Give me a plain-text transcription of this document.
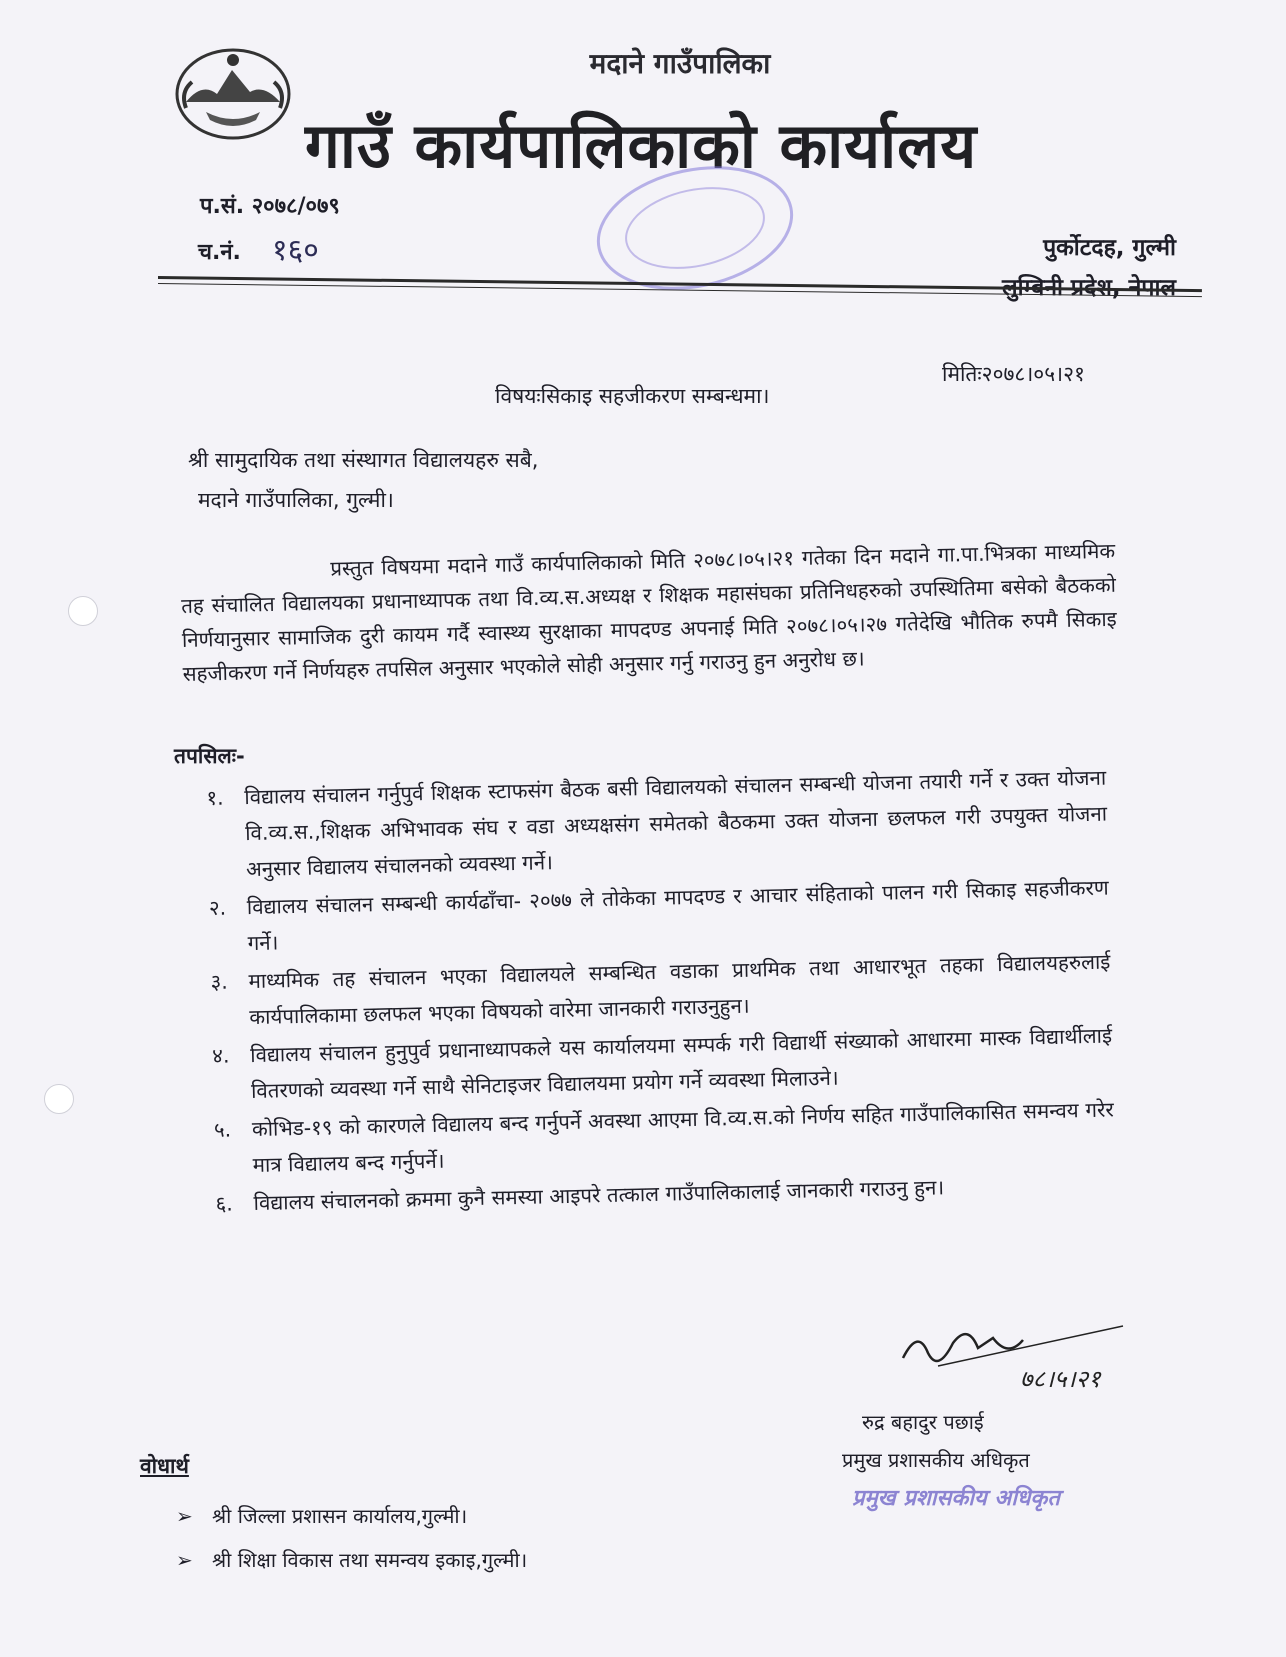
मदाने गाउँपालिका
गाउँ कार्यपालिकाको कार्यालय
प.सं. २०७८/०७९
च.नं. १६०	पुर्कोटदह, गुल्मी
मितिः२०७८।०५।२१
विषयःसिकाइ सहजीकरण सम्बन्धमा।
श्री सामुदायिक तथा संस्थागत विद्यालयहरु सबै,
मदाने गाउँपालिका, गुल्मी।
प्रस्तुत विषयमा मदाने गाउँ कार्यपालिकाको मिति २०७८।०५।२१ गतेका दिन मदाने गा.पा.भित्रका माध्यमिक तह संचालित विद्यालयका प्रधानाध्यापक तथा वि.व्य.स.अध्यक्ष र शिक्षक महासंघका प्रतिनिधहरुको उपस्थितिमा बसेको बैठकको निर्णयानुसार सामाजिक दुरी कायम गर्दै स्वास्थ्य सुरक्षाका मापदण्ड अपनाई मिति २०७८।०५।२७ गतेदेखि भौतिक रुपमै सिकाइ सहजीकरण गर्ने निर्णयहरु तपसिल अनुसार भएकोले सोही अनुसार गर्नु गराउनु हुन अनुरोध छ।
तपसिलः-
१. विद्यालय संचालन गर्नुपुर्व शिक्षक स्टाफसंग बैठक बसी विद्यालयको संचालन सम्बन्धी योजना तयारी गर्ने र उक्त योजना वि.व्य.स.,शिक्षक अभिभावक संघ र वडा अध्यक्षसंग समेतको बैठकमा उक्त योजना छलफल गरी उपयुक्त योजना अनुसार विद्यालय संचालनको व्यवस्था गर्ने।
२. विद्यालय संचालन सम्बन्धी कार्यढाँचा- २०७७ ले तोकेका मापदण्ड र आचार संहिताको पालन गरी सिकाइ सहजीकरण गर्ने।
३. माध्यमिक तह संचालन भएका विद्यालयले सम्बन्धित वडाका प्राथमिक तथा आधारभूत तहका विद्यालयहरुलाई कार्यपालिकामा छलफल भएका विषयको वारेमा जानकारी गराउनुहुन।
४. विद्यालय संचालन हुनुपुर्व प्रधानाध्यापकले यस कार्यालयमा सम्पर्क गरी विद्यार्थी संख्याको आधारमा मास्क विद्यार्थीलाई वितरणको व्यवस्था गर्ने साथै सेनिटाइजर विद्यालयमा प्रयोग गर्ने व्यवस्था मिलाउने।
५. कोभिड-१९ को कारणले विद्यालय बन्द गर्नुपर्ने अवस्था आएमा वि.व्य.स.को निर्णय सहित गाउँपालिकासित समन्वय गरेर मात्र विद्यालय बन्द गर्नुपर्ने।
६. विद्यालय संचालनको क्रममा कुनै समस्या आइपरे तत्काल गाउँपालिकालाई जानकारी गराउनु हुन।
७८।५।२१
रुद्र बहादुर पछाई
प्रमुख प्रशासकीय अधिकृत
प्रमुख प्रशासकीय अधिकृत
वोधार्थ
➢ श्री जिल्ला प्रशासन कार्यालय,गुल्मी।
➢ श्री शिक्षा विकास तथा समन्वय इकाइ,गुल्मी।
